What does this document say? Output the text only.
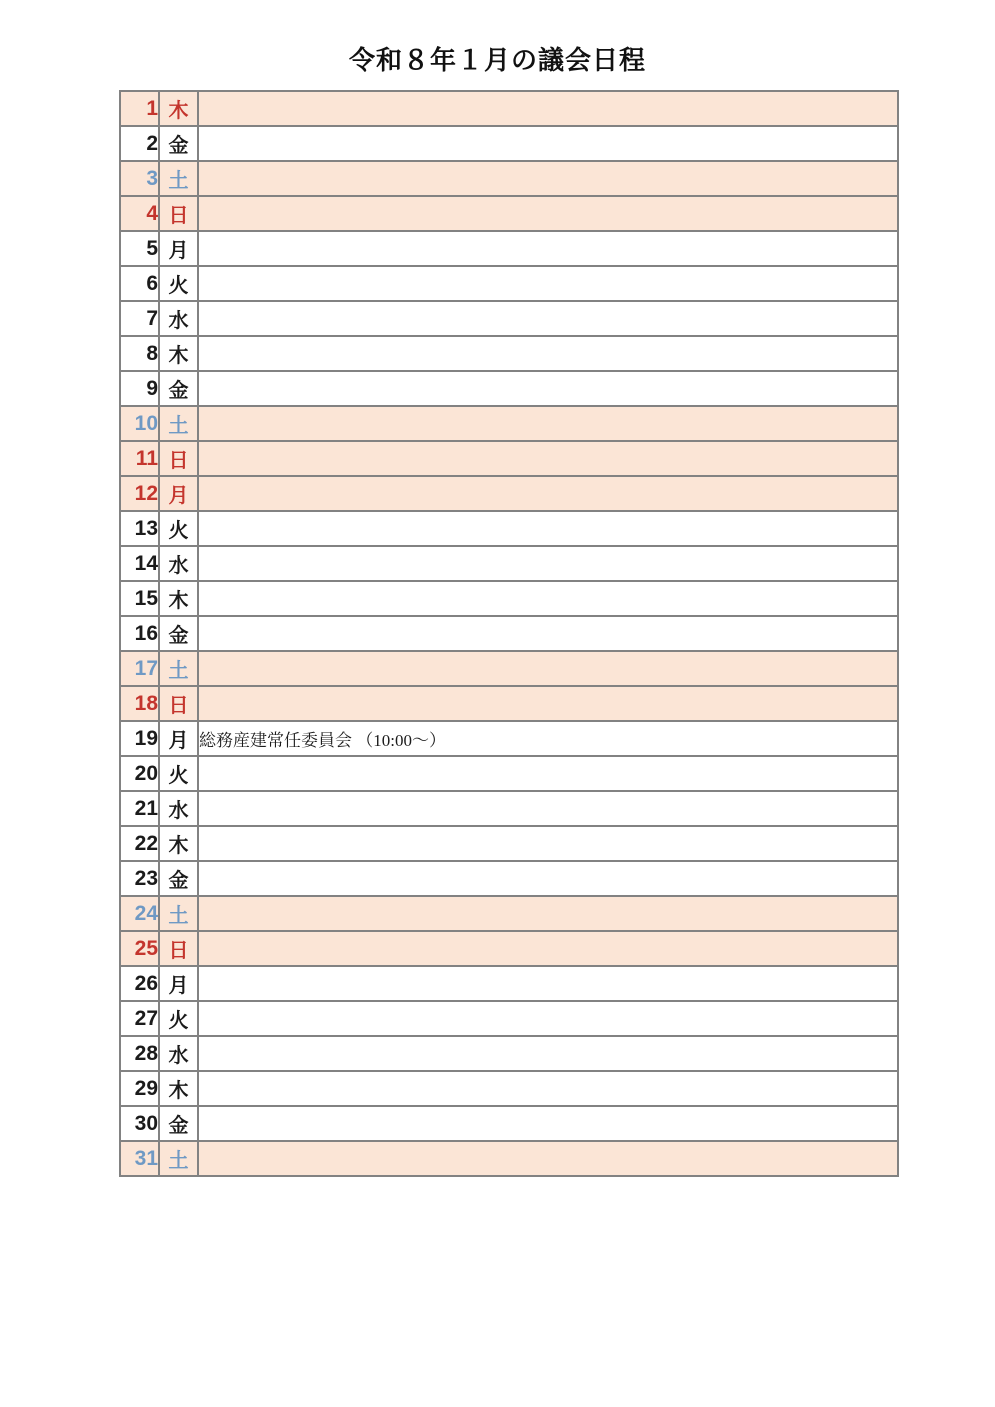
令和８年１月の議会日程
1	木	
2	金	
3	土	
4	日	
5	月	
6	火	
7	水	
8	木	
9	金	
10	土	
11	日	
12	月	
13	火	
14	水	
15	木	
16	金	
17	土	
18	日	
19	月	総務産建常任委員会 （10:00～）
20	火	
21	水	
22	木	
23	金	
24	土	
25	日	
26	月	
27	火	
28	水	
29	木	
30	金	
31	土	
